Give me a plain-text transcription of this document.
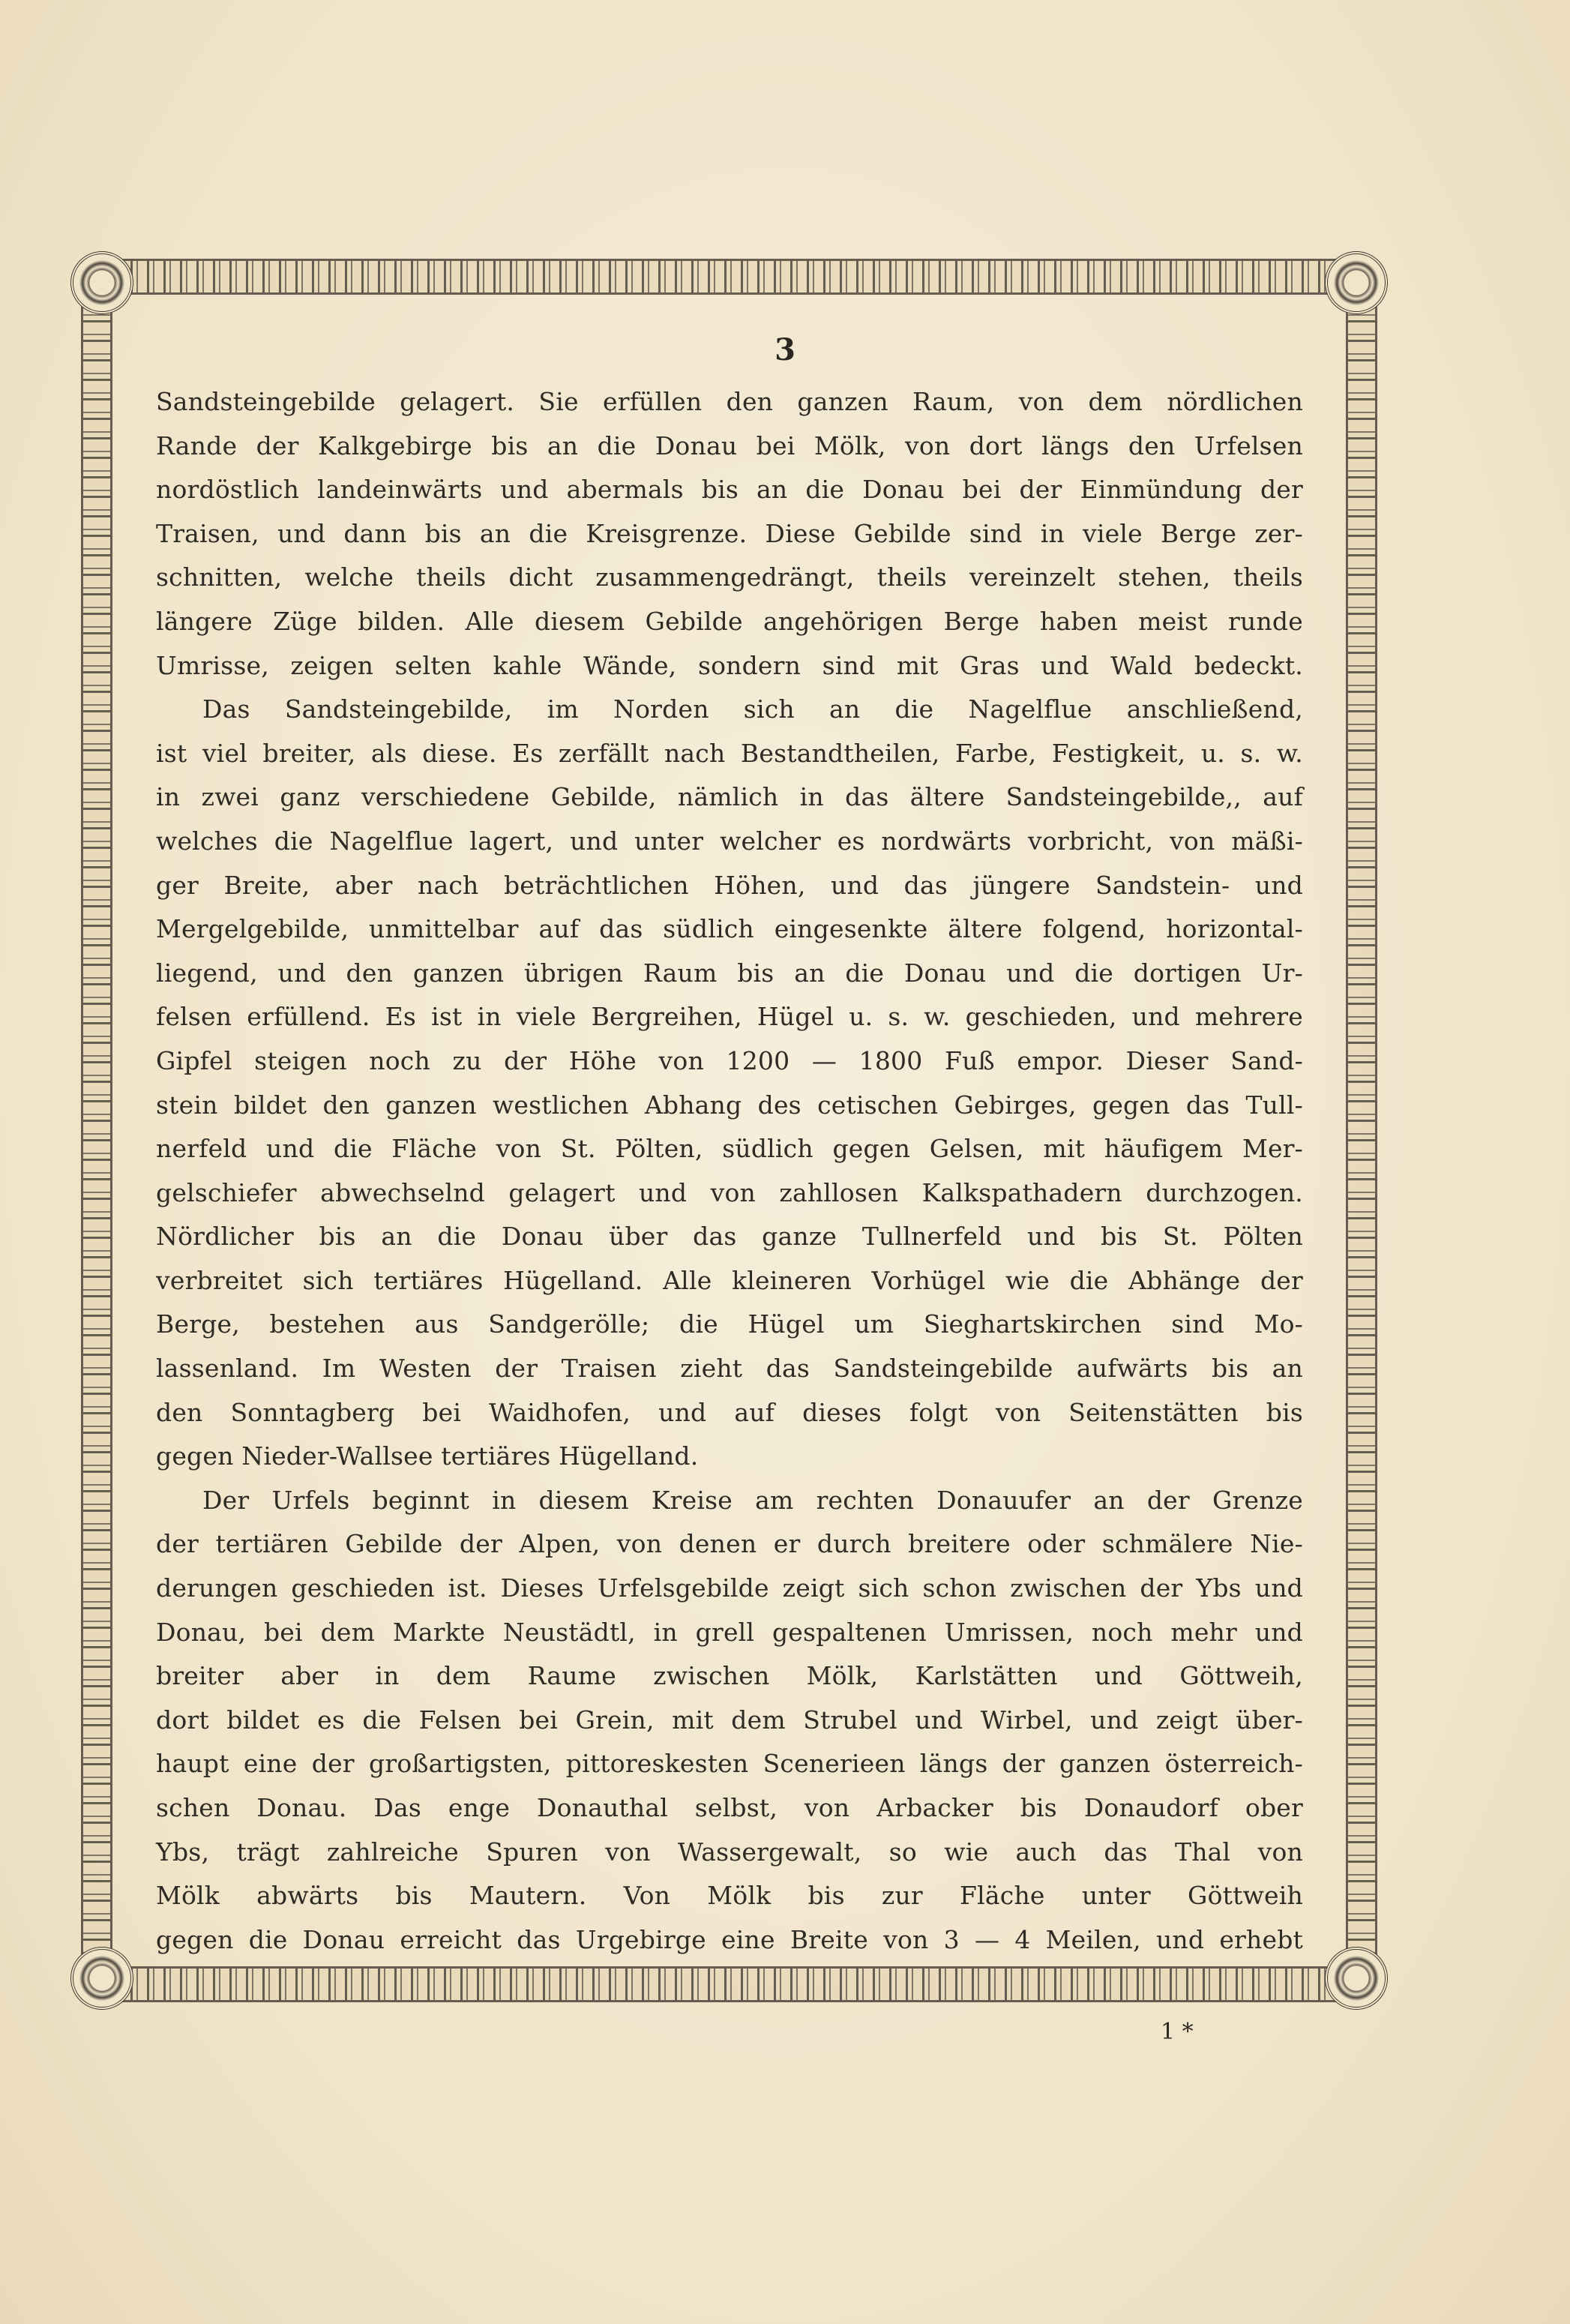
3
Sandsteingebilde gelagert. Sie erfüllen den ganzen Raum, von dem nördlichen
Rande der Kalkgebirge bis an die Donau bei Mölk, von dort längs den Urfelsen
nordöstlich landeinwärts und abermals bis an die Donau bei der Einmündung der
Traisen, und dann bis an die Kreisgrenze. Diese Gebilde sind in viele Berge zer-
schnitten, welche theils dicht zusammengedrängt, theils vereinzelt stehen, theils
längere Züge bilden. Alle diesem Gebilde angehörigen Berge haben meist runde
Umrisse, zeigen selten kahle Wände, sondern sind mit Gras und Wald bedeckt.
Das Sandsteingebilde, im Norden sich an die Nagelflue anschließend,
ist viel breiter, als diese. Es zerfällt nach Bestandtheilen, Farbe, Festigkeit, u. s. w.
in zwei ganz verschiedene Gebilde, nämlich in das ältere Sandsteingebilde,, auf
welches die Nagelflue lagert, und unter welcher es nordwärts vorbricht, von mäßi-
ger Breite, aber nach beträchtlichen Höhen, und das jüngere Sandstein- und
Mergelgebilde, unmittelbar auf das südlich eingesenkte ältere folgend, horizontal-
liegend, und den ganzen übrigen Raum bis an die Donau und die dortigen Ur-
felsen erfüllend. Es ist in viele Bergreihen, Hügel u. s. w. geschieden, und mehrere
Gipfel steigen noch zu der Höhe von 1200 — 1800 Fuß empor. Dieser Sand-
stein bildet den ganzen westlichen Abhang des cetischen Gebirges, gegen das Tull-
nerfeld und die Fläche von St. Pölten, südlich gegen Gelsen, mit häufigem Mer-
gelschiefer abwechselnd gelagert und von zahllosen Kalkspathadern durchzogen.
Nördlicher bis an die Donau über das ganze Tullnerfeld und bis St. Pölten
verbreitet sich tertiäres Hügelland. Alle kleineren Vorhügel wie die Abhänge der
Berge, bestehen aus Sandgerölle; die Hügel um Sieghartskirchen sind Mo-
lassenland. Im Westen der Traisen zieht das Sandsteingebilde aufwärts bis an
den Sonntagberg bei Waidhofen, und auf dieses folgt von Seitenstätten bis
gegen Nieder-Wallsee tertiäres Hügelland.
Der Urfels beginnt in diesem Kreise am rechten Donauufer an der Grenze
der tertiären Gebilde der Alpen, von denen er durch breitere oder schmälere Nie-
derungen geschieden ist. Dieses Urfelsgebilde zeigt sich schon zwischen der Ybs und
Donau, bei dem Markte Neustädtl, in grell gespaltenen Umrissen, noch mehr und
breiter aber in dem Raume zwischen Mölk, Karlstätten und Göttweih,
dort bildet es die Felsen bei Grein, mit dem Strubel und Wirbel, und zeigt über-
haupt eine der großartigsten, pittoreskesten Scenerieen längs der ganzen österreich-
schen Donau. Das enge Donauthal selbst, von Arbacker bis Donaudorf ober
Ybs, trägt zahlreiche Spuren von Wassergewalt, so wie auch das Thal von
Mölk abwärts bis Mautern. Von Mölk bis zur Fläche unter Göttweih
gegen die Donau erreicht das Urgebirge eine Breite von 3 — 4 Meilen, und erhebt
1 *
